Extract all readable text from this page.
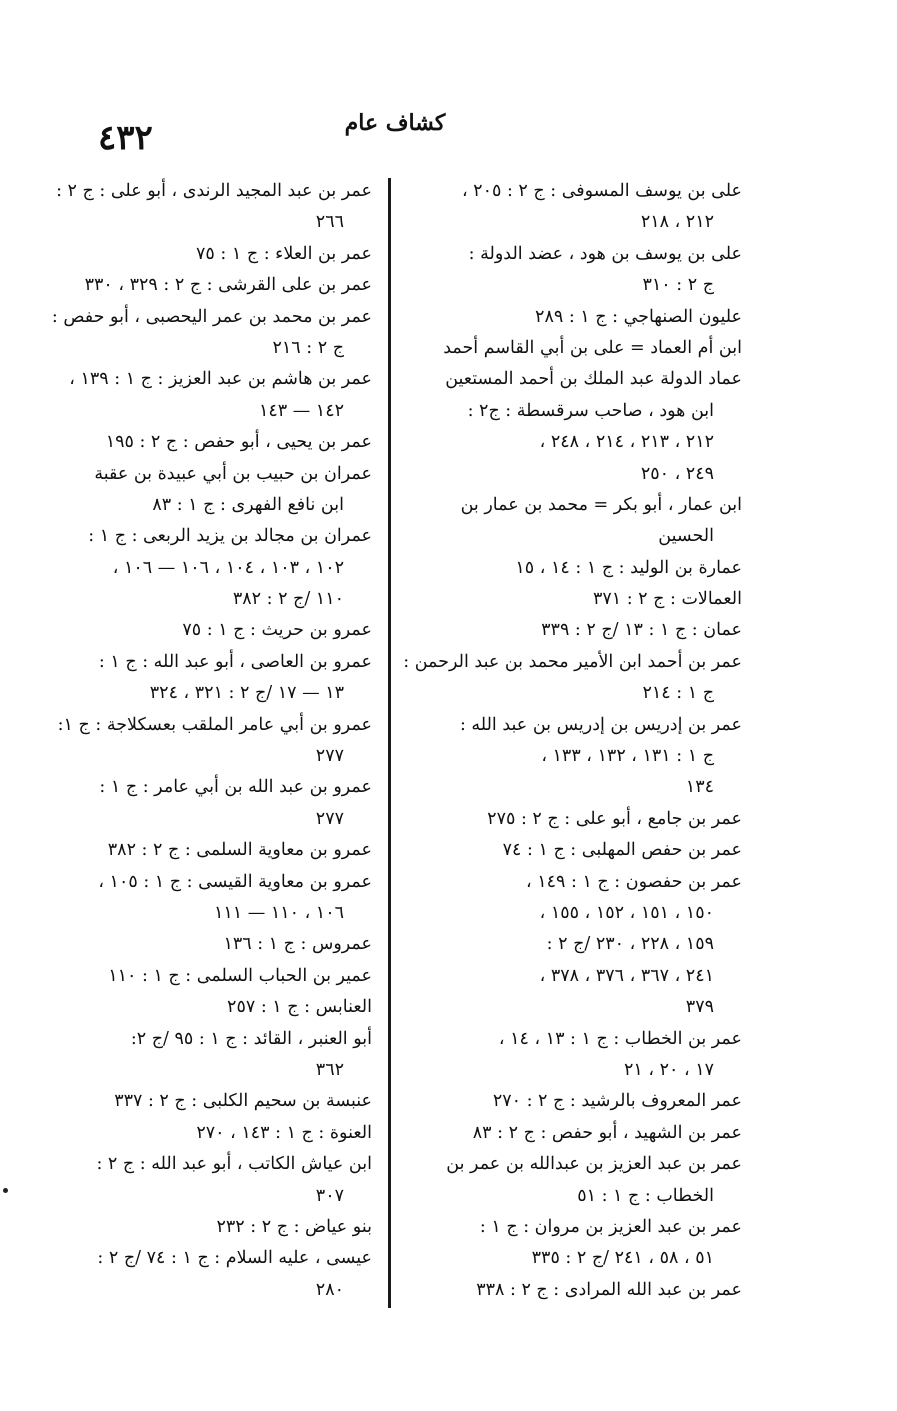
٤٣٢	كشاف عام
على بن يوسف المسوفى : ج ٢ : ٢٠٥ ،
٢١٢ ، ٢١٨
على بن يوسف بن هود ، عضد الدولة :
ج ٢ : ٣١٠
عليون الصنهاجي : ج ١ : ٢٨٩
ابن أم العماد = على بن أبي القاسم أحمد
عماد الدولة عبد الملك بن أحمد المستعين
ابن هود ، صاحب سرقسطة : ج٢ :
٢١٢ ، ٢١٣ ، ٢١٤ ، ٢٤٨ ،
٢٤٩ ، ٢٥٠
ابن عمار ، أبو بكر = محمد بن عمار بن
الحسين
عمارة بن الوليد : ج ١ : ١٤ ، ١٥
العمالات : ج ٢ : ٣٧١
عمان : ج ١ : ١٣ /ج ٢ : ٣٣٩
عمر بن أحمد ابن الأمير محمد بن عبد الرحمن :
ج ١ : ٢١٤
عمر بن إدريس بن إدريس بن عبد الله :
ج ١ : ١٣١ ، ١٣٢ ، ١٣٣ ،
١٣٤
عمر بن جامع ، أبو على : ج ٢ : ٢٧٥
عمر بن حفص المهلبى : ج ١ : ٧٤
عمر بن حفصون : ج ١ : ١٤٩ ،
١٥٠ ، ١٥١ ، ١٥٢ ، ١٥٥ ،
١٥٩ ، ٢٢٨ ، ٢٣٠ /ج ٢ :
٢٤١ ، ٣٦٧ ، ٣٧٦ ، ٣٧٨ ،
٣٧٩
عمر بن الخطاب : ج ١ : ١٣ ، ١٤ ،
١٧ ، ٢٠ ، ٢١
عمر المعروف بالرشيد : ج ٢ : ٢٧٠
عمر بن الشهيد ، أبو حفص : ج ٢ : ٨٣
عمر بن عبد العزيز بن عبدالله بن عمر بن
الخطاب : ج ١ : ٥١
عمر بن عبد العزيز بن مروان : ج ١ :
٥١ ، ٥٨ ، ٢٤١ /ج ٢ : ٣٣٥
عمر بن عبد الله المرادى : ج ٢ : ٣٣٨
عمر بن عبد المجيد الرندى ، أبو على : ج ٢ :
٢٦٦
عمر بن العلاء : ج ١ : ٧٥
عمر بن على القرشى : ج ٢ : ٣٢٩ ، ٣٣٠
عمر بن محمد بن عمر اليحصبى ، أبو حفص :
ج ٢ : ٢١٦
عمر بن هاشم بن عبد العزيز : ج ١ : ١٣٩ ،
١٤٢ — ١٤٣
عمر بن يحيى ، أبو حفص : ج ٢ : ١٩٥
عمران بن حبيب بن أبي عبيدة بن عقبة
ابن نافع الفهرى : ج ١ : ٨٣
عمران بن مجالد بن يزيد الربعى : ج ١ :
١٠٢ ، ١٠٣ ، ١٠٤ ، ١٠٦ — ١٠٦ ،
١١٠ /ج ٢ : ٣٨٢
عمرو بن حريث : ج ١ : ٧٥
عمرو بن العاصى ، أبو عبد الله : ج ١ :
١٣ — ١٧ /ج ٢ : ٣٢١ ، ٣٢٤
عمرو بن أبي عامر الملقب بعسكلاجة : ج ١:
٢٧٧
عمرو بن عبد الله بن أبي عامر : ج ١ :
٢٧٧
عمرو بن معاوية السلمى : ج ٢ : ٣٨٢
عمرو بن معاوية القيسى : ج ١ : ١٠٥ ،
١٠٦ ، ١١٠ — ١١١
عمروس : ج ١ : ١٣٦
عمير بن الحباب السلمى : ج ١ : ١١٠
العنابس : ج ١ : ٢٥٧
أبو العنبر ، القائد : ج ١ : ٩٥ /ج ٢:
٣٦٢
عنبسة بن سحيم الكلبى : ج ٢ : ٣٣٧
العنوة : ج ١ : ١٤٣ ، ٢٧٠
ابن عياش الكاتب ، أبو عبد الله : ج ٢ :
٣٠٧
بنو عياض : ج ٢ : ٢٣٢
عيسى ، عليه السلام : ج ١ : ٧٤ /ج ٢ :
٢٨٠
